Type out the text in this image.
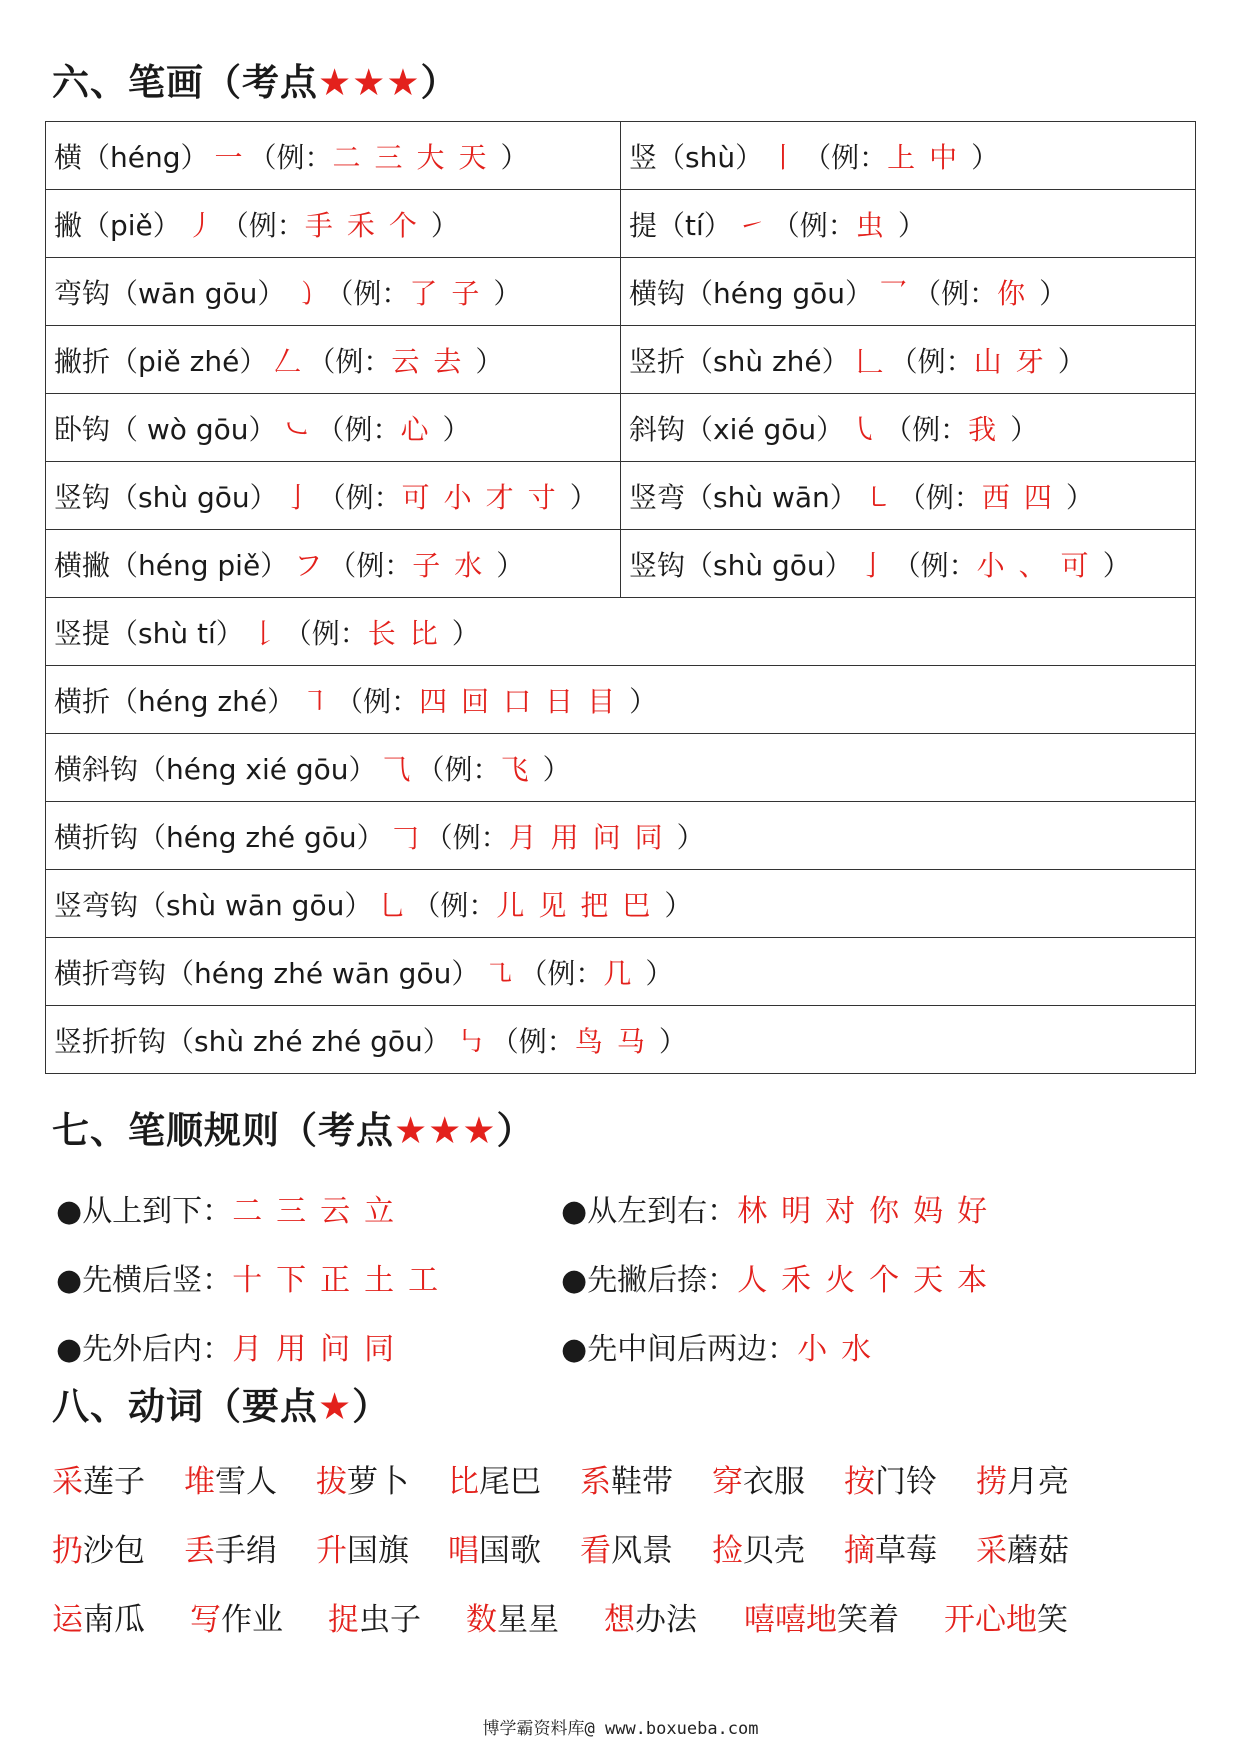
六、笔画（考点★★★）
横（héng） 一 （例：二三大天）	竖（shù） 丨 （例：上中）
撇（piě） 丿 （例：手禾个）	提（tí） ㇀ （例：虫）
弯钩（wān gōu） ㇁ （例：了子）	横钩（héng gōu） 乛 （例：你）
撇折（piě zhé） 𠃋 （例：云去）	竖折（shù zhé） 𠃊 （例：山牙）
卧钩（ wò gōu） ㇃ （例：心）	斜钩（xié gōu） ㇂ （例：我）
竖钩（shù gōu） 亅 （例：可小才寸）	竖弯（shù wān） ㇄ （例：西四）
横撇（héng piě） フ （例：子水）	竖钩（shù gōu） 亅 （例：小、可）
竖提（shù tí） 𠄌 （例：长比）	
横折（héng zhé） ㇕ （例：四回口日目）	
横斜钩（héng xié gōu） ⺄ （例：飞）	
横折钩（héng zhé gōu） 𠃌 （例：月用问同）	
竖弯钩（shù wān gōu） 乚 （例：儿见把巴）	
横折弯钩（héng zhé wān gōu） ㇈ （例：几）	
竖折折钩（shù zhé zhé gōu） ㇉ （例：鸟马）	
七、笔顺规则（考点★★★）
●从上到下：二三云立	●从左到右：林明对你妈好
●先横后竖：十下正土工	●先撇后捺：人禾火个天本
●先外后内：月用问同	●先中间后两边：小水
八、动词（要点★）
采莲子 堆雪人 拔萝卜 比尾巴 系鞋带 穿衣服 按门铃 捞月亮
扔沙包 丢手绢 升国旗 唱国歌 看风景 捡贝壳 摘草莓 采蘑菇
运南瓜 写作业 捉虫子 数星星 想办法 嘻嘻地笑着 开心地笑
博学霸资料库@ www.boxueba.com
